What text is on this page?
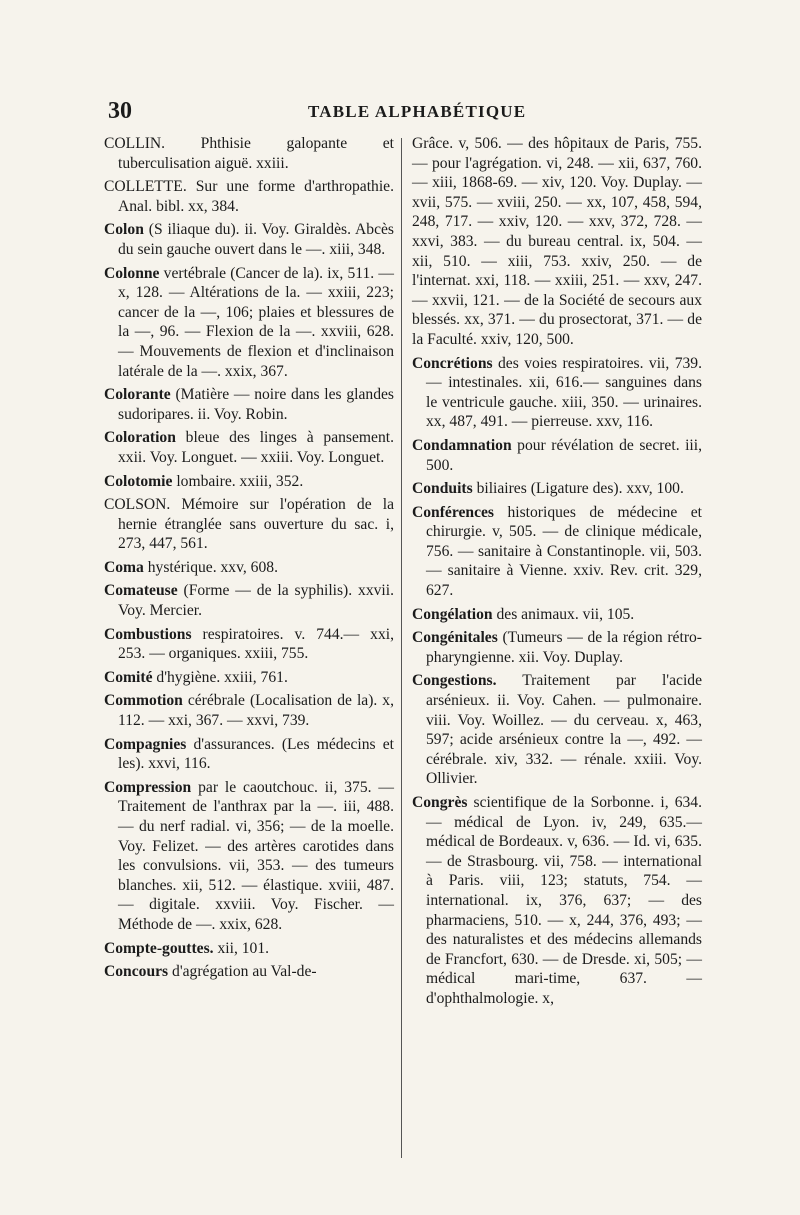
30	TABLE ALPHABÉTIQUE

COLLIN. Phthisie galopante et tuberculisation aiguë. xxiii.

COLLETTE. Sur une forme d'arthropathie. Anal. bibl. xx, 384.

Colon (S iliaque du). ii. Voy. Giraldès. Abcès du sein gauche ouvert dans le —. xiii, 348.

Colonne vertébrale (Cancer de la). ix, 511. — x, 128. — Altérations de la. — xxiii, 223; cancer de la —, 106; plaies et blessures de la —, 96. — Flexion de la —. xxviii, 628. — Mouvements de flexion et d'inclinaison latérale de la —. xxix, 367.

Colorante (Matière — noire dans les glandes sudoripares. ii. Voy. Robin.

Coloration bleue des linges à pansement. xxii. Voy. Longuet. — xxiii. Voy. Longuet.

Colotomie lombaire. xxiii, 352.

COLSON. Mémoire sur l'opération de la hernie étranglée sans ouverture du sac. i, 273, 447, 561.

Coma hystérique. xxv, 608.

Comateuse (Forme — de la syphilis). xxvii. Voy. Mercier.

Combustions respiratoires. v. 744.— xxi, 253. — organiques. xxiii, 755.

Comité d'hygiène. xxiii, 761.

Commotion cérébrale (Localisation de la). x, 112. — xxi, 367. — xxvi, 739.

Compagnies d'assurances. (Les médecins et les). xxvi, 116.

Compression par le caoutchouc. ii, 375. — Traitement de l'anthrax par la —. iii, 488. — du nerf radial. vi, 356; — de la moelle. Voy. Felizet. — des artères carotides dans les convulsions. vii, 353. — des tumeurs blanches. xii, 512. — élastique. xviii, 487. — digitale. xxviii. Voy. Fischer. — Méthode de —. xxix, 628.

Compte-gouttes. xii, 101.

Concours d'agrégation au Val-de-

Grâce. v, 506. — des hôpitaux de Paris, 755. — pour l'agrégation. vi, 248. — xii, 637, 760. — xiii, 1868-69. — xiv, 120. Voy. Duplay. — xvii, 575. — xviii, 250. — xx, 107, 458, 594, 248, 717. — xxiv, 120. — xxv, 372, 728. — xxvi, 383. — du bureau central. ix, 504. — xii, 510. — xiii, 753. xxiv, 250. — de l'internat. xxi, 118. — xxiii, 251. — xxv, 247.— xxvii, 121. — de la Société de secours aux blessés. xx, 371. — du prosectorat, 371. — de la Faculté. xxiv, 120, 500.

Concrétions des voies respiratoires. vii, 739. — intestinales. xii, 616.— sanguines dans le ventricule gauche. xiii, 350. — urinaires. xx, 487, 491. — pierreuse. xxv, 116.

Condamnation pour révélation de secret. iii, 500.

Conduits biliaires (Ligature des). xxv, 100.

Conférences historiques de médecine et chirurgie. v, 505. — de clinique médicale, 756. — sanitaire à Constantinople. vii, 503. — sanitaire à Vienne. xxiv. Rev. crit. 329, 627.

Congélation des animaux. vii, 105.

Congénitales (Tumeurs — de la région rétro-pharyngienne. xii. Voy. Duplay.

Congestions. Traitement par l'acide arsénieux. ii. Voy. Cahen. — pulmonaire. viii. Voy. Woillez. — du cerveau. x, 463, 597; acide arsénieux contre la —, 492. — cérébrale. xiv, 332. — rénale. xxiii. Voy. Ollivier.

Congrès scientifique de la Sorbonne. i, 634. — médical de Lyon. iv, 249, 635.— médical de Bordeaux. v, 636. — Id. vi, 635. — de Strasbourg. vii, 758. — international à Paris. viii, 123; statuts, 754. — international. ix, 376, 637; — des pharmaciens, 510. — x, 244, 376, 493; — des naturalistes et des médecins allemands de Francfort, 630. — de Dresde. xi, 505; — médical mari-time, 637. — d'ophthalmologie. x,
